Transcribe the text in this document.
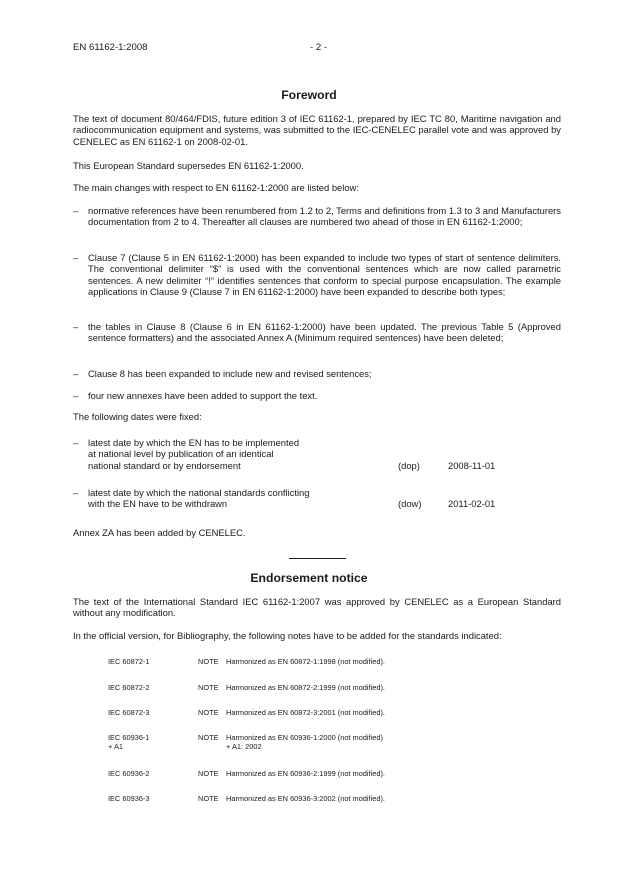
EN 61162-1:2008	- 2 -
Foreword

The text of document 80/464/FDIS, future edition 3 of IEC 61162-1, prepared by IEC TC 80, Maritime navigation and radiocommunication equipment and systems, was submitted to the IEC-CENELEC parallel vote and was approved by CENELEC as EN 61162-1 on 2008-02-01.

This European Standard supersedes EN 61162-1:2000.

The main changes with respect to EN 61162-1:2000 are listed below:

– normative references have been renumbered from 1.2 to 2, Terms and definitions from 1.3 to 3 and Manufacturers documentation from 2 to 4. Thereafter all clauses are numbered two ahead of those in EN 61162-1:2000;
– Clause 7 (Clause 5 in EN 61162-1:2000) has been expanded to include two types of start of sentence delimiters. The conventional delimiter “$” is used with the conventional sentences which are now called parametric sentences. A new delimiter “!” identifies sentences that conform to special purpose encapsulation. The example applications in Clause 9 (Clause 7 in EN 61162-1:2000) have been expanded to describe both types;
– the tables in Clause 8 (Clause 6 in EN 61162-1:2000) have been updated. The previous Table 5 (Approved sentence formatters) and the associated Annex A (Minimum required sentences) have been deleted;
– Clause 8 has been expanded to include new and revised sentences;
– four new annexes have been added to support the text.

The following dates were fixed:

– latest date by which the EN has to be implemented
at national level by publication of an identical
national standard or by endorsement	(dop)	2008-11-01
– latest date by which the national standards conflicting
with the EN have to be withdrawn	(dow)	2011-02-01

Annex ZA has been added by CENELEC.

Endorsement notice

The text of the International Standard IEC 61162-1:2007 was approved by CENELEC as a European Standard without any modification.

In the official version, for Bibliography, the following notes have to be added for the standards indicated:

IEC 60872-1	NOTE Harmonized as EN 60872-1:1998 (not modified).
IEC 60872-2	NOTE Harmonized as EN 60872-2:1999 (not modified).
IEC 60872-3	NOTE Harmonized as EN 60872-3:2001 (not modified).
IEC 60936-1	NOTE Harmonized as EN 60936-1:2000 (not modified)
+ A1	+ A1: 2002
IEC 60936-2	NOTE Harmonized as EN 60936-2:1999 (not modified).
IEC 60936-3	NOTE Harmonized as EN 60936-3:2002 (not modified).
